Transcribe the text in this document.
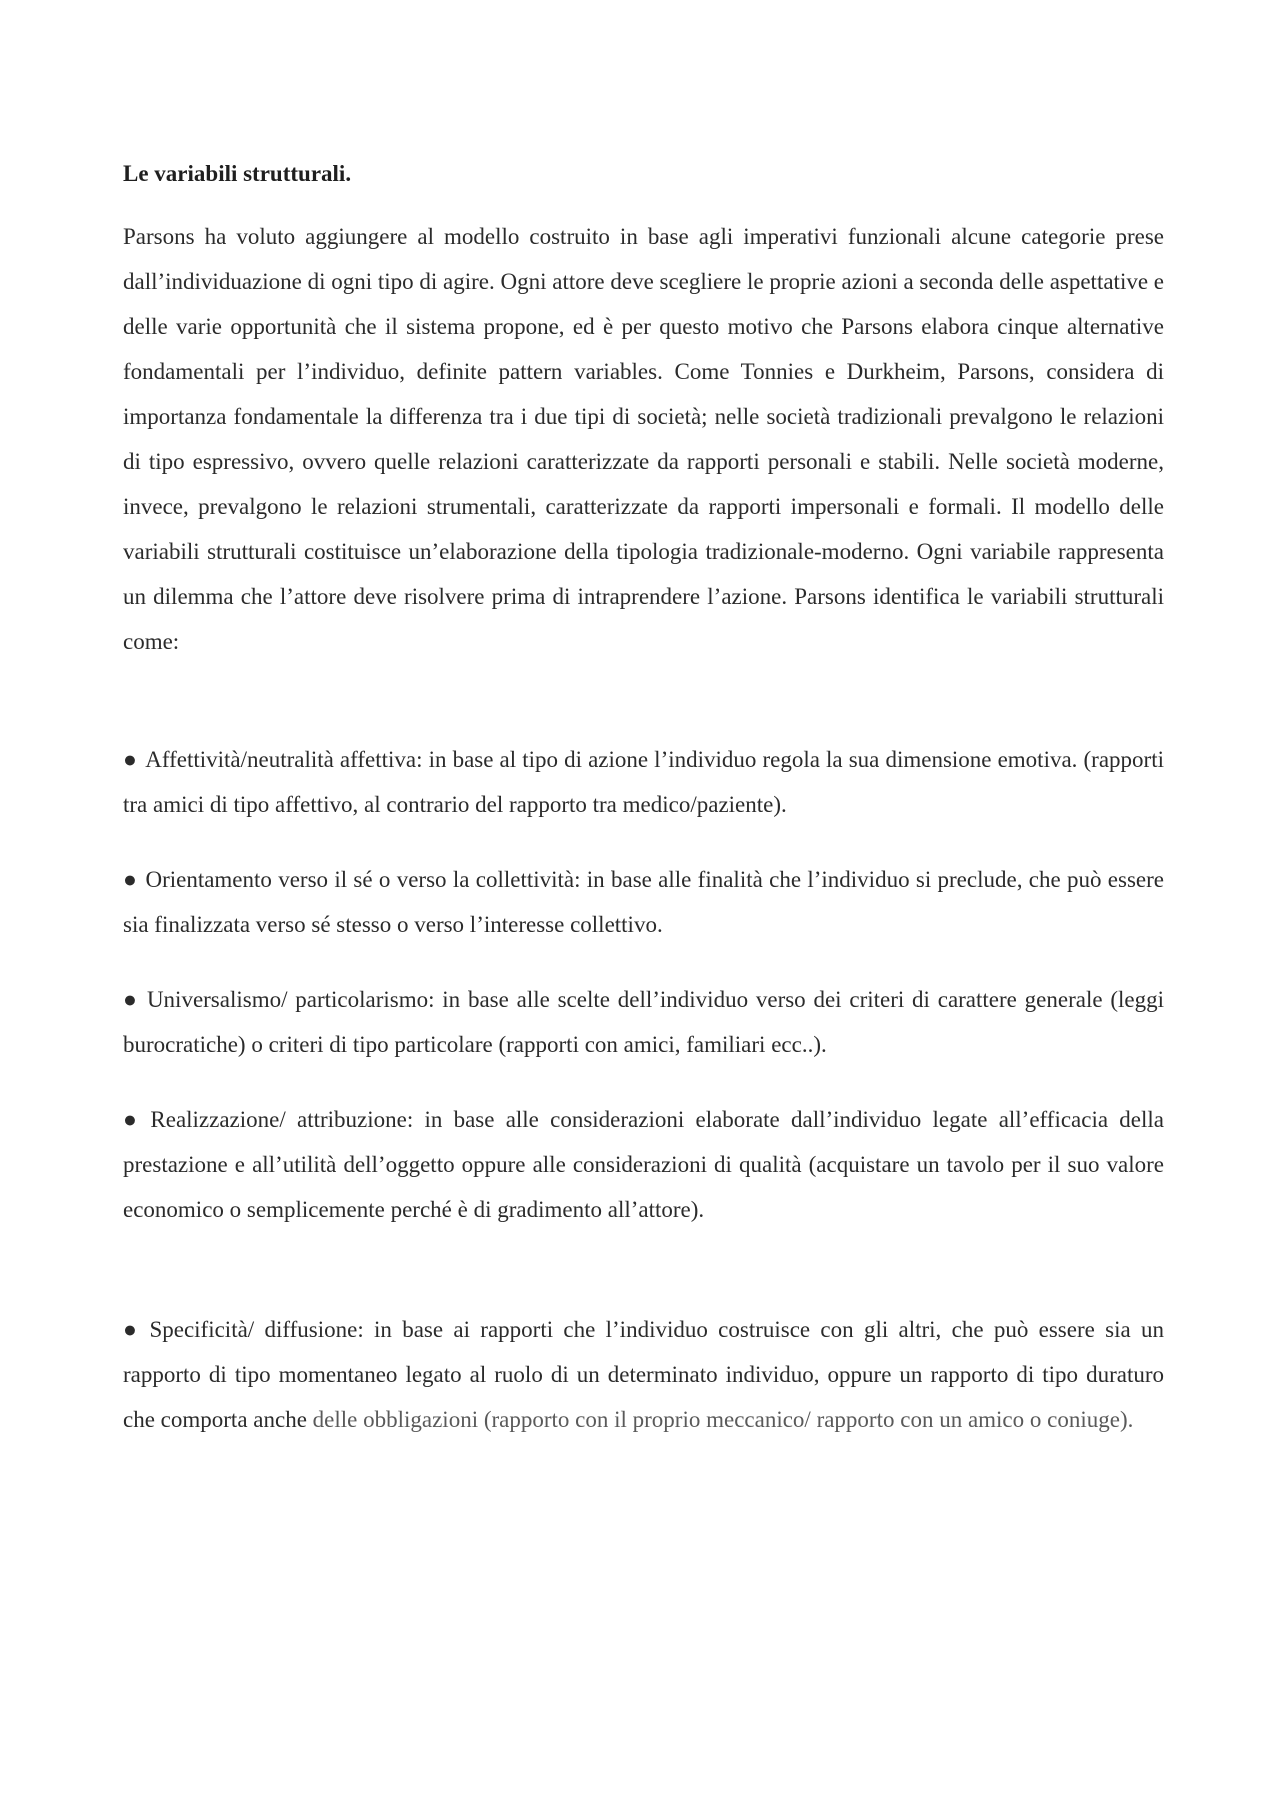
Le variabili strutturali.

Parsons ha voluto aggiungere al modello costruito in base agli imperativi funzionali alcune categorie prese dall’individuazione di ogni tipo di agire. Ogni attore deve scegliere le proprie azioni a seconda delle aspettative e delle varie opportunità che il sistema propone, ed è per questo motivo che Parsons elabora cinque alternative fondamentali per l’individuo, definite pattern variables. Come Tonnies e Durkheim, Parsons, considera di importanza fondamentale la differenza tra i due tipi di società; nelle società tradizionali prevalgono le relazioni di tipo espressivo, ovvero quelle relazioni caratterizzate da rapporti personali e stabili. Nelle società moderne, invece, prevalgono le relazioni strumentali, caratterizzate da rapporti impersonali e formali. Il modello delle variabili strutturali costituisce un’elaborazione della tipologia tradizionale-moderno. Ogni variabile rappresenta un dilemma che l’attore deve risolvere prima di intraprendere l’azione. Parsons identifica le variabili strutturali come:

● Affettività/neutralità affettiva: in base al tipo di azione l’individuo regola la sua dimensione emotiva. (rapporti tra amici di tipo affettivo, al contrario del rapporto tra medico/paziente).

● Orientamento verso il sé o verso la collettività: in base alle finalità che l’individuo si preclude, che può essere sia finalizzata verso sé stesso o verso l’interesse collettivo.

● Universalismo/ particolarismo: in base alle scelte dell’individuo verso dei criteri di carattere generale (leggi burocratiche) o criteri di tipo particolare (rapporti con amici, familiari ecc..).

● Realizzazione/ attribuzione: in base alle considerazioni elaborate dall’individuo legate all’efficacia della prestazione e all’utilità dell’oggetto oppure alle considerazioni di qualità (acquistare un tavolo per il suo valore economico o semplicemente perché è di gradimento all’attore).

● Specificità/ diffusione: in base ai rapporti che l’individuo costruisce con gli altri, che può essere sia un rapporto di tipo momentaneo legato al ruolo di un determinato individuo, oppure un rapporto di tipo duraturo che comporta anche delle obbligazioni (rapporto con il proprio meccanico/ rapporto con un amico o coniuge).
